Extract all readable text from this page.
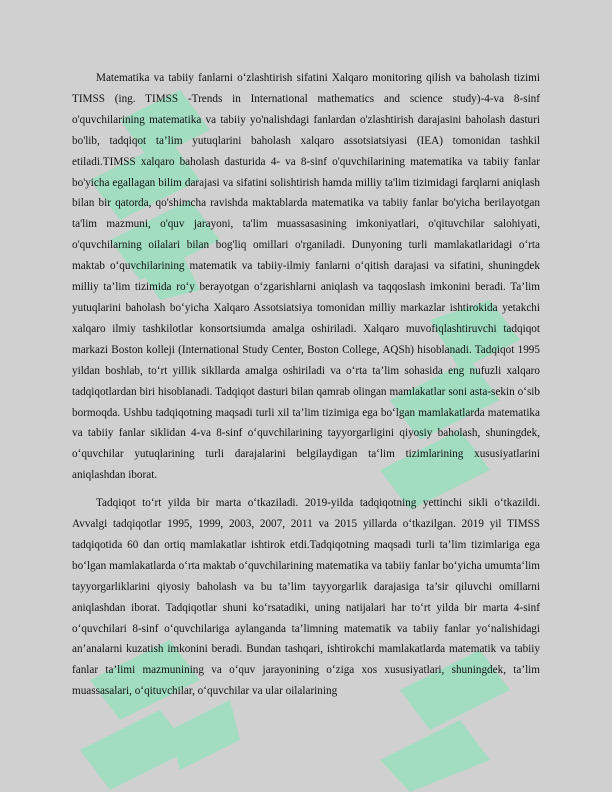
Matematika va tabiiy fanlarni o‘zlashtirish sifatini Xalqaro monitoring qilish va baholash tizimi TIMSS (ing. TIMSS -Trends in International mathematics and science study)-4-va 8-sinf o'quvchilarining matematika va tabiiy yo'nalishdagi fanlardan o'zlashtirish darajasini baholash dasturi bo'lib, tadqiqot ta’lim yutuqlarini baholash xalqaro assotsiatsiyasi (IEA) tomonidan tashkil etiladi.TIMSS xalqaro baholash dasturida 4- va 8-sinf o'quvchilarining matematika va tabiiy fanlar bo'yicha egallagan bilim darajasi va sifatini solishtirish hamda milliy ta'lim tizimidagi farqlarni aniqlash bilan bir qatorda, qo'shimcha ravishda maktablarda matematika va tabiiy fanlar bo'yicha berilayotgan ta'lim mazmuni, o'quv jarayoni, ta'lim muassasasining imkoniyatlari, o'qituvchilar salohiyati, o'quvchilarning oilalari bilan bog'liq omillari o'rganiladi. Dunyoning turli mamlakatlaridagi o‘rta maktab o‘quvchilarining matematik va tabiiy-ilmiy fanlarni o‘qitish darajasi va sifatini, shuningdek milliy ta’lim tizimida ro‘y berayotgan o‘zgarishlarni aniqlash va taqqoslash imkonini beradi. Ta’lim yutuqlarini baholash bo‘yicha Xalqaro Assotsiatsiya tomonidan milliy markazlar ishtirokida yetakchi xalqaro ilmiy tashkilotlar konsortsiumda amalga oshiriladi. Xalqaro muvofiqlashtiruvchi tadqiqot markazi Boston kolleji (International Study Center, Boston College, AQSh) hisoblanadi. Tadqiqot 1995 yildan boshlab, to‘rt yillik sikllarda amalga oshiriladi va o‘rta ta’lim sohasida eng nufuzli xalqaro tadqiqotlardan biri hisoblanadi. Tadqiqot dasturi bilan qamrab olingan mamlakatlar soni asta-sekin o‘sib bormoqda. Ushbu tadqiqotning maqsadi turli xil ta’lim tizimiga ega bo‘lgan mamlakatlarda matematika va tabiiy fanlar siklidan 4-va 8-sinf o‘quvchilarining tayyorgarligini qiyosiy baholash, shuningdek, o‘quvchilar yutuqlarining turli darajalarini belgilaydigan ta‘lim tizimlarining xususiyatlarini aniqlashdan iborat.

Tadqiqot to‘rt yilda bir marta o‘tkaziladi. 2019-yilda tadqiqotning yettinchi sikli o‘tkazildi. Avvalgi tadqiqotlar 1995, 1999, 2003, 2007, 2011 va 2015 yillarda o‘tkazilgan. 2019 yil TIMSS tadqiqotida 60 dan ortiq mamlakatlar ishtirok etdi.Tadqiqotning maqsadi turli ta’lim tizimlariga ega bo‘lgan mamlakatlarda o‘rta maktab o‘quvchilarining matematika va tabiiy fanlar bo‘yicha umumta‘lim tayyorgarliklarini qiyosiy baholash va bu ta’lim tayyorgarlik darajasiga ta’sir qiluvchi omillarni aniqlashdan iborat. Tadqiqotlar shuni ko‘rsatadiki, uning natijalari har to‘rt yilda bir marta 4-sinf o‘quvchilari 8-sinf o‘quvchilariga aylanganda ta’limning matematik va tabiiy fanlar yo‘nalishidagi an’analarni kuzatish imkonini beradi. Bundan tashqari, ishtirokchi mamlakatlarda matematik va tabiiy fanlar ta’limi mazmunining va o‘quv jarayonining o‘ziga xos xususiyatlari, shuningdek, ta’lim muassasalari, o‘qituvchilar, o‘quvchilar va ular oilalarining
